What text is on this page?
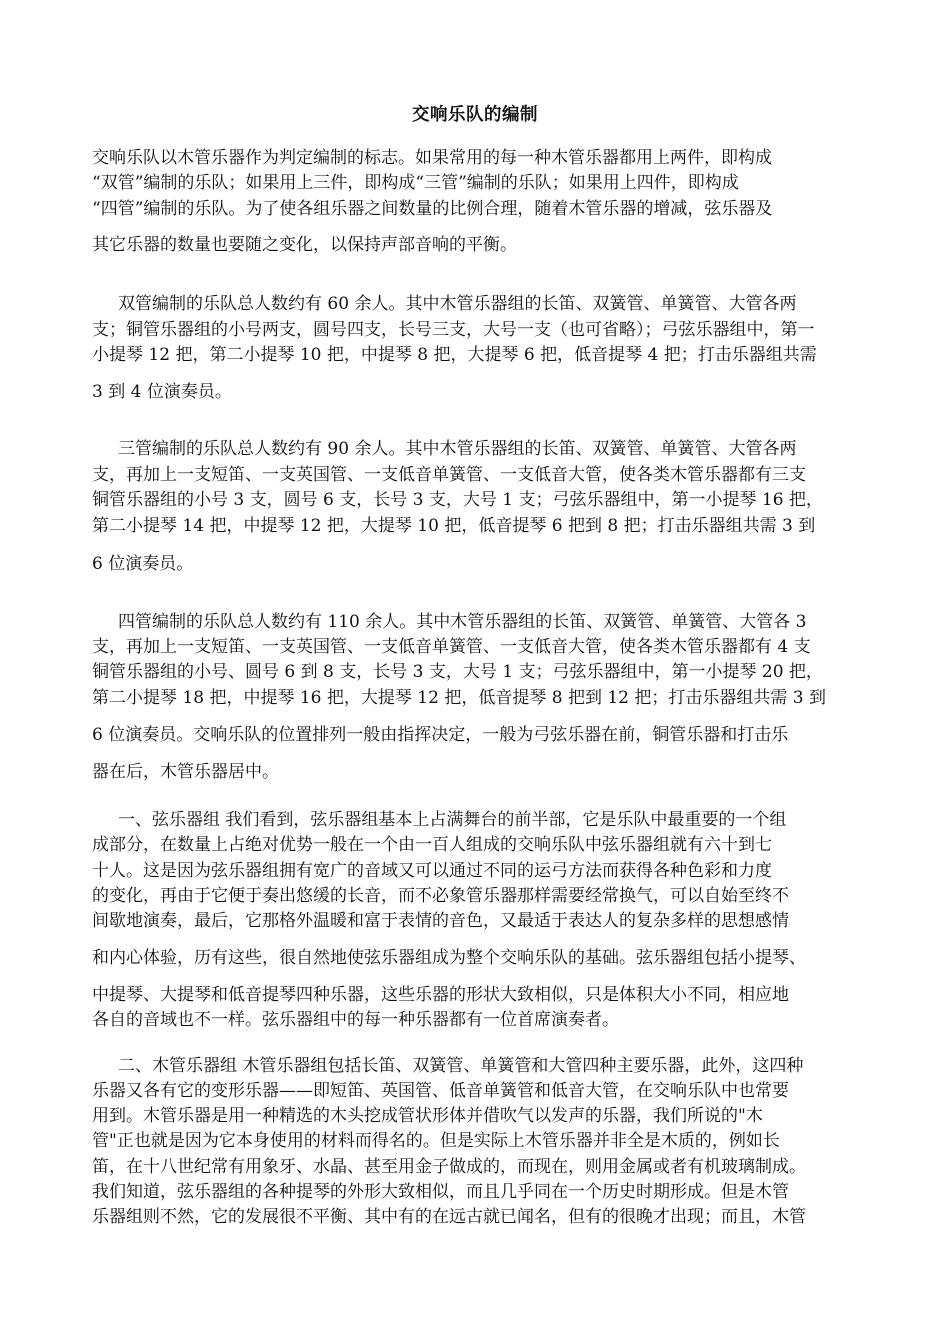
交响乐队的编制
交响乐队以木管乐器作为判定编制的标志。如果常用的每一种木管乐器都用上两件，即构成
“双管”编制的乐队；如果用上三件，即构成“三管”编制的乐队；如果用上四件，即构成
“四管”编制的乐队。为了使各组乐器之间数量的比例合理，随着木管乐器的增减，弦乐器及
其它乐器的数量也要随之变化，以保持声部音响的平衡。
双管编制的乐队总人数约有 60 余人。其中木管乐器组的长笛、双簧管、单簧管、大管各两
支；铜管乐器组的小号两支，圆号四支，长号三支，大号一支（也可省略）；弓弦乐器组中，第一
小提琴 12 把，第二小提琴 10 把，中提琴 8 把，大提琴 6 把，低音提琴 4 把；打击乐器组共需
3 到 4 位演奏员。
三管编制的乐队总人数约有 90 余人。其中木管乐器组的长笛、双簧管、单簧管、大管各两
支，再加上一支短笛、一支英国管、一支低音单簧管、一支低音大管，使各类木管乐器都有三支
铜管乐器组的小号 3 支，圆号 6 支，长号 3 支，大号 1 支；弓弦乐器组中，第一小提琴 16 把，
第二小提琴 14 把，中提琴 12 把，大提琴 10 把，低音提琴 6 把到 8 把；打击乐器组共需 3 到
6 位演奏员。
四管编制的乐队总人数约有 110 余人。其中木管乐器组的长笛、双簧管、单簧管、大管各 3
支，再加上一支短笛、一支英国管、一支低音单簧管、一支低音大管，使各类木管乐器都有 4 支
铜管乐器组的小号、圆号 6 到 8 支，长号 3 支，大号 1 支；弓弦乐器组中，第一小提琴 20 把，
第二小提琴 18 把，中提琴 16 把，大提琴 12 把，低音提琴 8 把到 12 把；打击乐器组共需 3 到
6 位演奏员。交响乐队的位置排列一般由指挥决定，一般为弓弦乐器在前，铜管乐器和打击乐
器在后，木管乐器居中。
一、弦乐器组 我们看到，弦乐器组基本上占满舞台的前半部，它是乐队中最重要的一个组
成部分，在数量上占绝对优势一般在一个由一百人组成的交响乐队中弦乐器组就有六十到七
十人。这是因为弦乐器组拥有宽广的音域又可以通过不同的运弓方法而获得各种色彩和力度
的变化，再由于它便于奏出悠缓的长音，而不必象管乐器那样需要经常换气，可以自始至终不
间歇地演奏，最后，它那格外温暖和富于表情的音色，又最适于表达人的复杂多样的思想感情
和内心体验，历有这些，很自然地使弦乐器组成为整个交响乐队的基础。弦乐器组包括小提琴、
中提琴、大提琴和低音提琴四种乐器，这些乐器的形状大致相似，只是体积大小不同，相应地
各自的音域也不一样。弦乐器组中的每一种乐器都有一位首席演奏者。
二、木管乐器组 木管乐器组包括长笛、双簧管、单簧管和大管四种主要乐器，此外，这四种
乐器又各有它的变形乐器——即短笛、英国管、低音单簧管和低音大管，在交响乐队中也常要
用到。木管乐器是用一种精选的木头挖成管状形体并借吹气以发声的乐器，我们所说的"木
管"正也就是因为它本身使用的材料而得名的。但是实际上木管乐器并非全是木质的，例如长
笛，在十八世纪常有用象牙、水晶、甚至用金子做成的，而现在，则用金属或者有机玻璃制成。
我们知道，弦乐器组的各种提琴的外形大致相似，而且几乎同在一个历史时期形成。但是木管
乐器组则不然，它的发展很不平衡、其中有的在远古就已闻名，但有的很晚才出现；而且，木管
